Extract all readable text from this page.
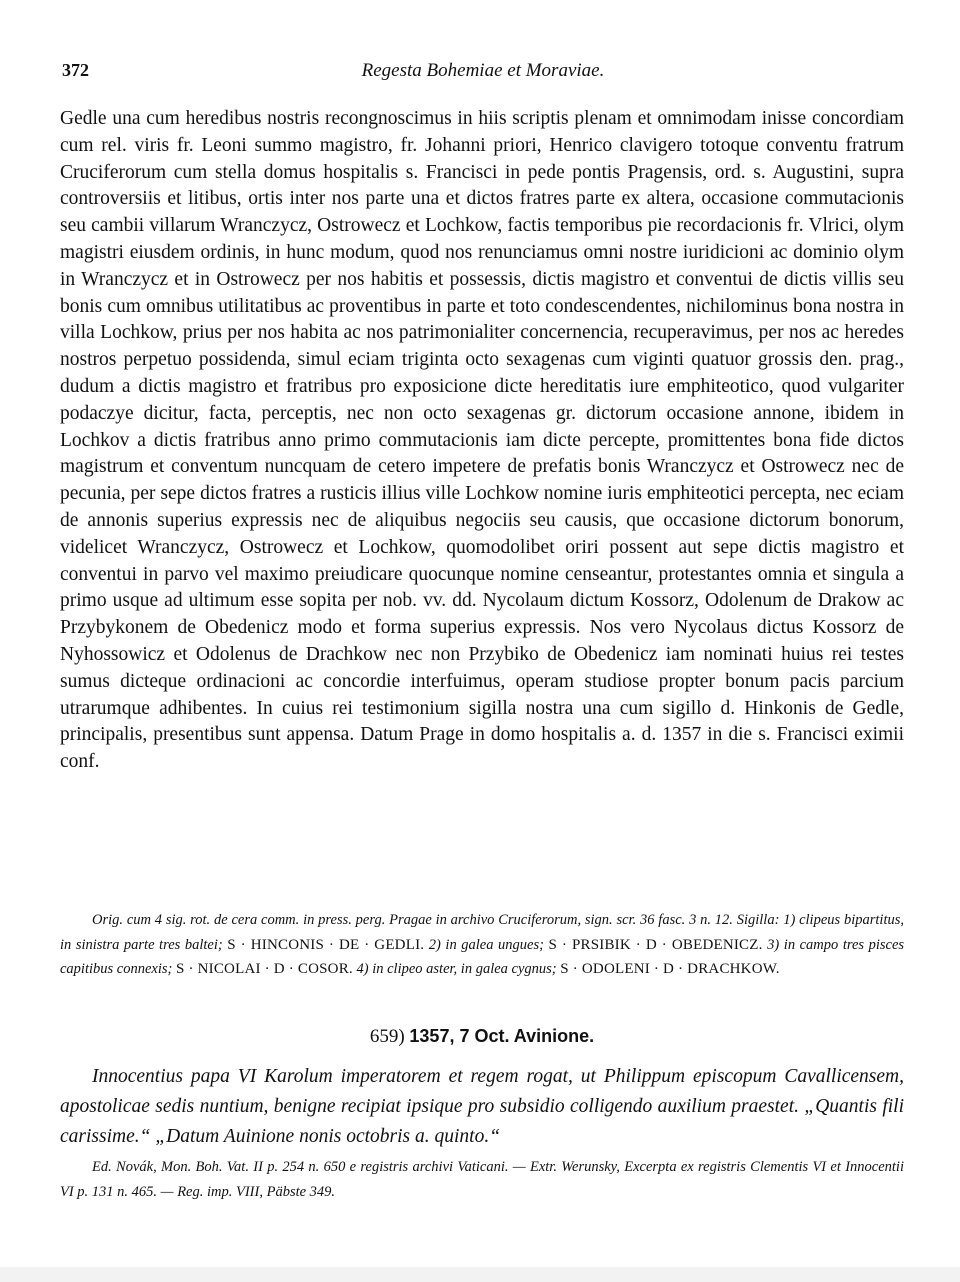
372	Regesta Bohemiae et Moraviae.

Gedle una cum heredibus nostris recongnoscimus in hiis scriptis plenam et omnimodam inisse concordiam cum rel. viris fr. Leoni summo magistro, fr. Johanni priori, Henrico clavigero totoque conventu fratrum Cruciferorum cum stella domus hospitalis s. Francisci in pede pontis Pragensis, ord. s. Augustini, supra controversiis et litibus, ortis inter nos parte una et dictos fratres parte ex altera, occasione commutacionis seu cambii villarum Wranczycz, Ostrowecz et Lochkow, factis temporibus pie recordacionis fr. Vlrici, olym magistri eiusdem ordinis, in hunc modum, quod nos renunciamus omni nostre iuridicioni ac dominio olym in Wranczycz et in Ostrowecz per nos habitis et possessis, dictis magistro et conventui de dictis villis seu bonis cum omnibus utilitatibus ac proventibus in parte et toto condescendentes, nichilominus bona nostra in villa Lochkow, prius per nos habita ac nos patrimonialiter concernencia, recuperavimus, per nos ac heredes nostros perpetuo possidenda, simul eciam triginta octo sexagenas cum viginti quatuor grossis den. prag., dudum a dictis magistro et fratribus pro exposicione dicte hereditatis iure emphiteotico, quod vulgariter podaczye dicitur, facta, perceptis, nec non octo sexagenas gr. dictorum occasione annone, ibidem in Lochkov a dictis fratribus anno primo commutacionis iam dicte percepte, promittentes bona fide dictos magistrum et conventum nuncquam de cetero impetere de prefatis bonis Wranczycz et Ostrowecz nec de pecunia, per sepe dictos fratres a rusticis illius ville Lochkow nomine iuris emphiteotici percepta, nec eciam de annonis superius expressis nec de aliquibus negociis seu causis, que occasione dictorum bonorum, videlicet Wranczycz, Ostrowecz et Lochkow, quomodolibet oriri possent aut sepe dictis magistro et conventui in parvo vel maximo preiudicare quocunque nomine censeantur, protestantes omnia et singula a primo usque ad ultimum esse sopita per nob. vv. dd. Nycolaum dictum Kossorz, Odolenum de Drakow ac Przybykonem de Obedenicz modo et forma superius expressis. Nos vero Nycolaus dictus Kossorz de Nyhossowicz et Odolenus de Drachkow nec non Przybiko de Obedenicz iam nominati huius rei testes sumus dicteque ordinacioni ac concordie interfuimus, operam studiose propter bonum pacis parcium utrarumque adhibentes. In cuius rei testimonium sigilla nostra una cum sigillo d. Hinkonis de Gedle, principalis, presentibus sunt appensa. Datum Prage in domo hospitalis a. d. 1357 in die s. Francisci eximii conf.

Orig. cum 4 sig. rot. de cera comm. in press. perg. Pragae in archivo Cruciferorum, sign. scr. 36 fasc. 3 n. 12. Sigilla: 1) clipeus bipartitus, in sinistra parte tres baltei; S · HINCONIS · DE · GEDLI. 2) in galea ungues; S · PRSIBIK · D · OBEDENICZ. 3) in campo tres pisces capitibus connexis; S · NICOLAI · D · COSOR. 4) in clipeo aster, in galea cygnus; S · ODOLENI · D · DRACHKOW.

659) 1357, 7 Oct. Avinione.

Innocentius papa VI Karolum imperatorem et regem rogat, ut Philippum episcopum Cavallicensem, apostolicae sedis nuntium, benigne recipiat ipsique pro subsidio colligendo auxilium praestet. „Quantis fili carissime.“ „Datum Auinione nonis octobris a. quinto.“

Ed. Novák, Mon. Boh. Vat. II p. 254 n. 650 e registris archivi Vaticani. — Extr. Werunsky, Excerpta ex registris Clementis VI et Innocentii VI p. 131 n. 465. — Reg. imp. VIII, Päbste 349.
